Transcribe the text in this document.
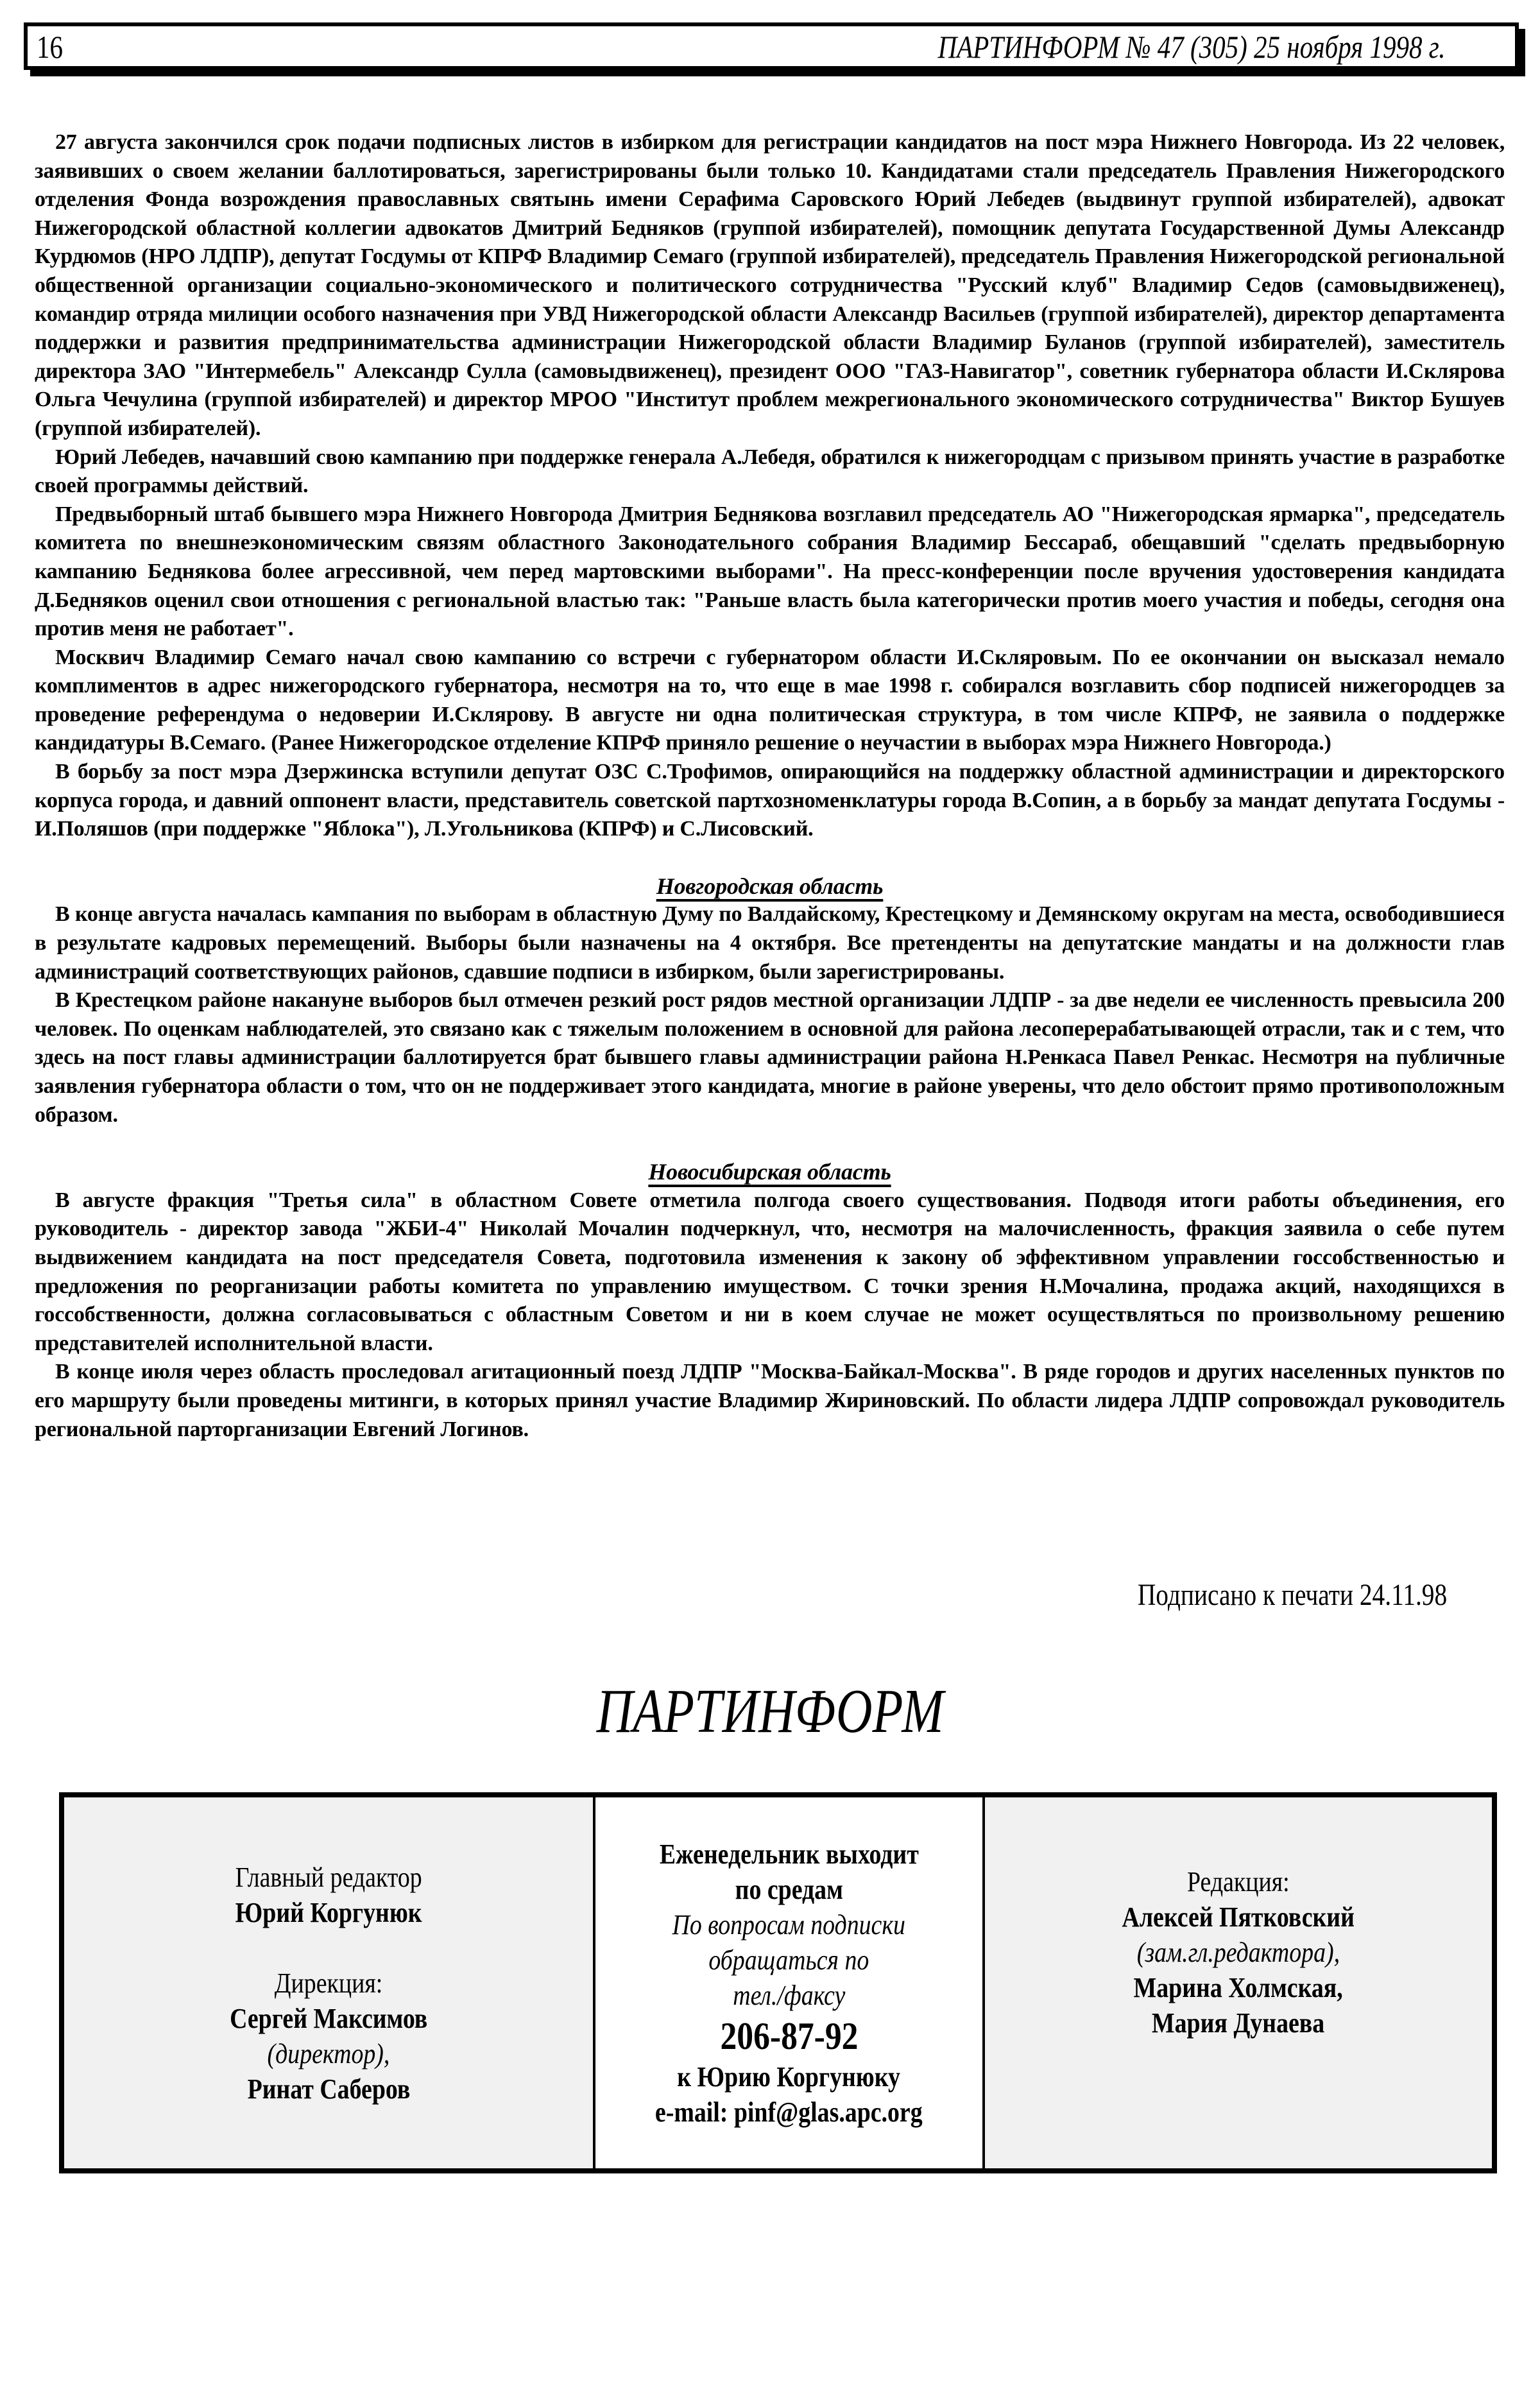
16	ПАРТИНФОРМ № 47 (305) 25 ноября 1998 г.

27 августа закончился срок подачи подписных листов в избирком для регистрации кандидатов на пост мэра Нижнего Новгорода. Из 22 человек, заявивших о своем желании баллотироваться, зарегистрированы были только 10. Кандидатами стали председатель Правления Нижегородского отделения Фонда возрождения православных святынь имени Серафима Саровского Юрий Лебедев (выдвинут группой избирателей), адвокат Нижегородской областной коллегии адвокатов Дмитрий Бедняков (группой избирателей), помощник депутата Государственной Думы Александр Курдюмов (НРО ЛДПР), депутат Госдумы от КПРФ Владимир Семаго (группой избирателей), председатель Правления Нижегородской региональной общественной организации социально-экономического и политического сотрудничества "Русский клуб" Владимир Седов (самовыдвиженец), командир отряда милиции особого назначения при УВД Нижегородской области Александр Васильев (группой избирателей), директор департамента поддержки и развития предпринимательства администрации Нижегородской области Владимир Буланов (группой избирателей), заместитель директора ЗАО "Интермебель" Александр Сулла (самовыдвиженец), президент ООО "ГАЗ-Навигатор", советник губернатора области И.Склярова Ольга Чечулина (группой избирателей) и директор МРОО "Институт проблем межрегионального экономического сотрудничества" Виктор Бушуев (группой избирателей).

Юрий Лебедев, начавший свою кампанию при поддержке генерала А.Лебедя, обратился к нижегородцам с призывом принять участие в разработке своей программы действий.

Предвыборный штаб бывшего мэра Нижнего Новгорода Дмитрия Беднякова возглавил председатель АО "Нижегородская ярмарка", председатель комитета по внешнеэкономическим связям областного Законодательного собрания Владимир Бессараб, обещавший "сделать предвыборную кампанию Беднякова более агрессивной, чем перед мартовскими выборами". На пресс-конференции после вручения удостоверения кандидата Д.Бедняков оценил свои отношения с региональной властью так: "Раньше власть была категорически против моего участия и победы, сегодня она против меня не работает".

Москвич Владимир Семаго начал свою кампанию со встречи с губернатором области И.Скляровым. По ее окончании он высказал немало комплиментов в адрес нижегородского губернатора, несмотря на то, что еще в мае 1998 г. собирался возглавить сбор подписей нижегородцев за проведение референдума о недоверии И.Склярову. В августе ни одна политическая структура, в том числе КПРФ, не заявила о поддержке кандидатуры В.Семаго. (Ранее Нижегородское отделение КПРФ приняло решение о неучастии в выборах мэра Нижнего Новгорода.)

В борьбу за пост мэра Дзержинска вступили депутат ОЗС С.Трофимов, опирающийся на поддержку областной администрации и директорского корпуса города, и давний оппонент власти, представитель советской партхозноменклатуры города В.Сопин, а в борьбу за мандат депутата Госдумы - И.Поляшов (при поддержке "Яблока"), Л.Угольникова (КПРФ) и С.Лисовский.

Новгородская область

В конце августа началась кампания по выборам в областную Думу по Валдайскому, Крестецкому и Демянскому округам на места, освободившиеся в результате кадровых перемещений. Выборы были назначены на 4 октября. Все претенденты на депутатские мандаты и на должности глав администраций соответствующих районов, сдавшие подписи в избирком, были зарегистрированы.

В Крестецком районе накануне выборов был отмечен резкий рост рядов местной организации ЛДПР - за две недели ее численность превысила 200 человек. По оценкам наблюдателей, это связано как с тяжелым положением в основной для района лесоперерабатывающей отрасли, так и с тем, что здесь на пост главы администрации баллотируется брат бывшего главы администрации района Н.Ренкаса Павел Ренкас. Несмотря на публичные заявления губернатора области о том, что он не поддерживает этого кандидата, многие в районе уверены, что дело обстоит прямо противоположным образом.

Новосибирская область

В августе фракция "Третья сила" в областном Совете отметила полгода своего существования. Подводя итоги работы объединения, его руководитель - директор завода "ЖБИ-4" Николай Мочалин подчеркнул, что, несмотря на малочисленность, фракция заявила о себе путем выдвижением кандидата на пост председателя Совета, подготовила изменения к закону об эффективном управлении госсобственностью и предложения по реорганизации работы комитета по управлению имуществом. С точки зрения Н.Мочалина, продажа акций, находящихся в госсобственности, должна согласовываться с областным Советом и ни в коем случае не может осуществляться по произвольному решению представителей исполнительной власти.

В конце июля через область проследовал агитационный поезд ЛДПР "Москва-Байкал-Москва". В ряде городов и других населенных пунктов по его маршруту были проведены митинги, в которых принял участие Владимир Жириновский. По области лидера ЛДПР сопровождал руководитель региональной парторганизации Евгений Логинов.

Подписано к печати 24.11.98
ПАРТИНФОРМ
Главный редактор
Юрий Коргунюк
Дирекция:
Сергей Максимов
(директор),
Ринат Саберов
Еженедельник выходит
по средам
По вопросам подписки
обращаться по
тел./факсу
206-87-92
к Юрию Коргунюку
e-mail: pinf@glas.apc.org
Редакция:
Алексей Пятковский
(зам.гл.редактора),
Марина Холмская,
Мария Дунаева
